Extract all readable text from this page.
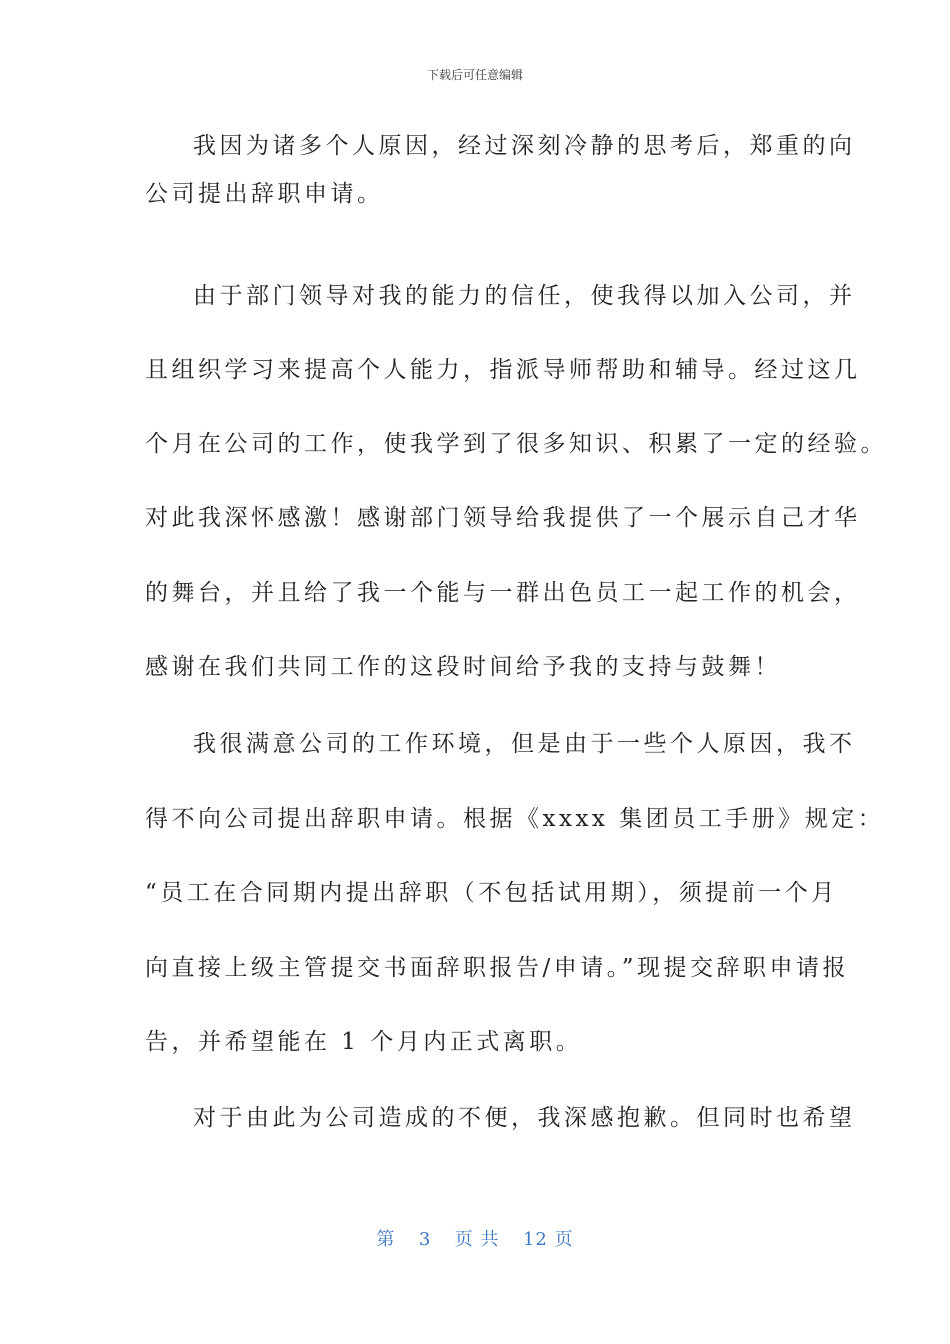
下载后可任意编辑
我因为诸多个人原因，经过深刻冷静的思考后，郑重的向
公司提出辞职申请。
由于部门领导对我的能力的信任，使我得以加入公司，并
且组织学习来提高个人能力，指派导师帮助和辅导。经过这几
个月在公司的工作，使我学到了很多知识、积累了一定的经验。
对此我深怀感激！感谢部门领导给我提供了一个展示自己才华
的舞台，并且给了我一个能与一群出色员工一起工作的机会，
感谢在我们共同工作的这段时间给予我的支持与鼓舞！
我很满意公司的工作环境，但是由于一些个人原因，我不
得不向公司提出辞职申请。根据《xxxx 集团员工手册》规定：
“员工在合同期内提出辞职（不包括试用期），须提前一个月
向直接上级主管提交书面辞职报告/申请。”现提交辞职申请报
告，并希望能在 1 个月内正式离职。
对于由此为公司造成的不便，我深感抱歉。但同时也希望
第 3 页 共 12 页
